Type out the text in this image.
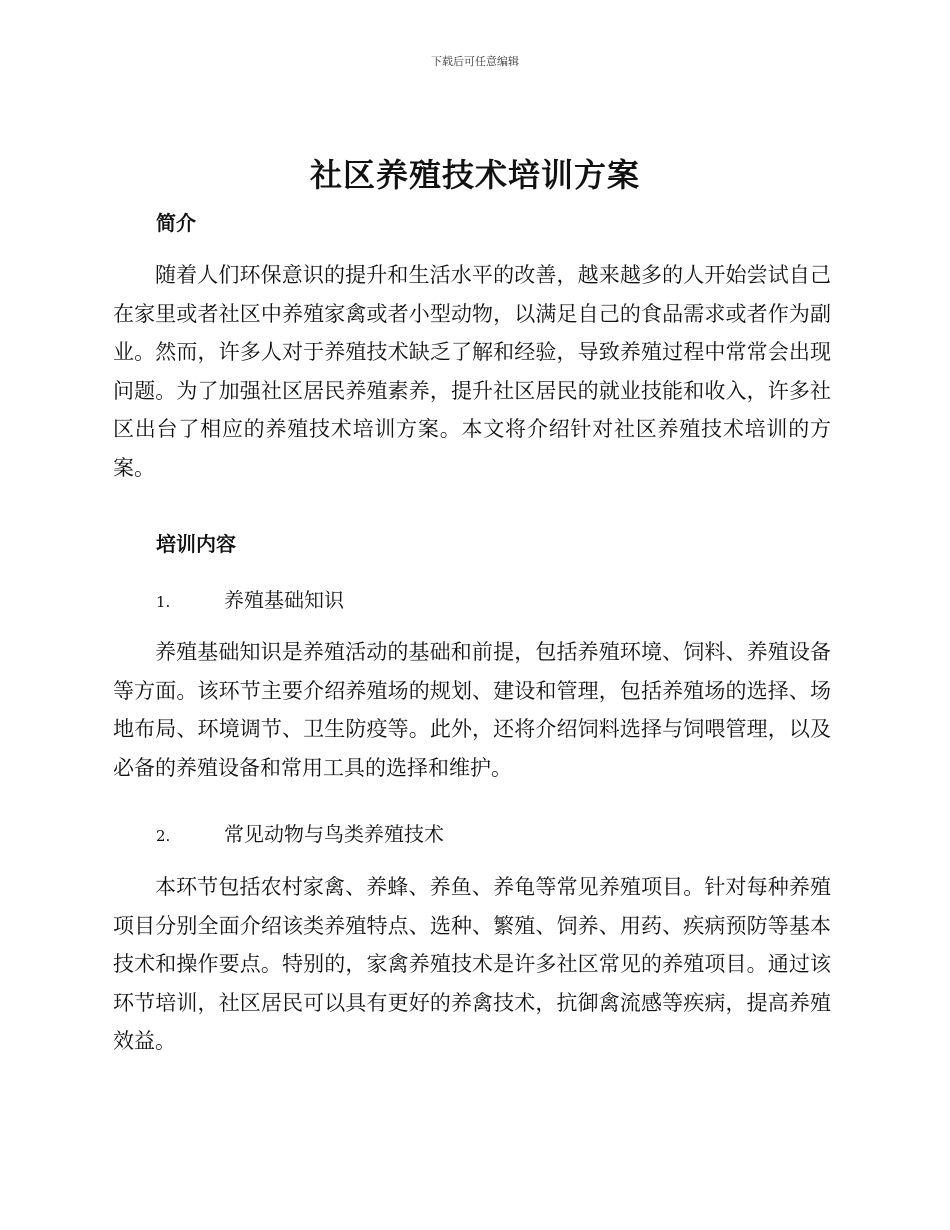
下载后可任意编辑
社区养殖技术培训方案
简介

随着人们环保意识的提升和生活水平的改善，越来越多的人开始尝试自己在家里或者社区中养殖家禽或者小型动物，以满足自己的食品需求或者作为副业。然而，许多人对于养殖技术缺乏了解和经验，导致养殖过程中常常会出现问题。为了加强社区居民养殖素养，提升社区居民的就业技能和收入，许多社区出台了相应的养殖技术培训方案。本文将介绍针对社区养殖技术培训的方案。

培训内容
1.	养殖基础知识

养殖基础知识是养殖活动的基础和前提，包括养殖环境、饲料、养殖设备等方面。该环节主要介绍养殖场的规划、建设和管理，包括养殖场的选择、场地布局、环境调节、卫生防疫等。此外，还将介绍饲料选择与饲喂管理，以及必备的养殖设备和常用工具的选择和维护。

2.	常见动物与鸟类养殖技术

本环节包括农村家禽、养蜂、养鱼、养龟等常见养殖项目。针对每种养殖项目分别全面介绍该类养殖特点、选种、繁殖、饲养、用药、疾病预防等基本技术和操作要点。特别的，家禽养殖技术是许多社区常见的养殖项目。通过该环节培训，社区居民可以具有更好的养禽技术，抗御禽流感等疾病，提高养殖效益。
